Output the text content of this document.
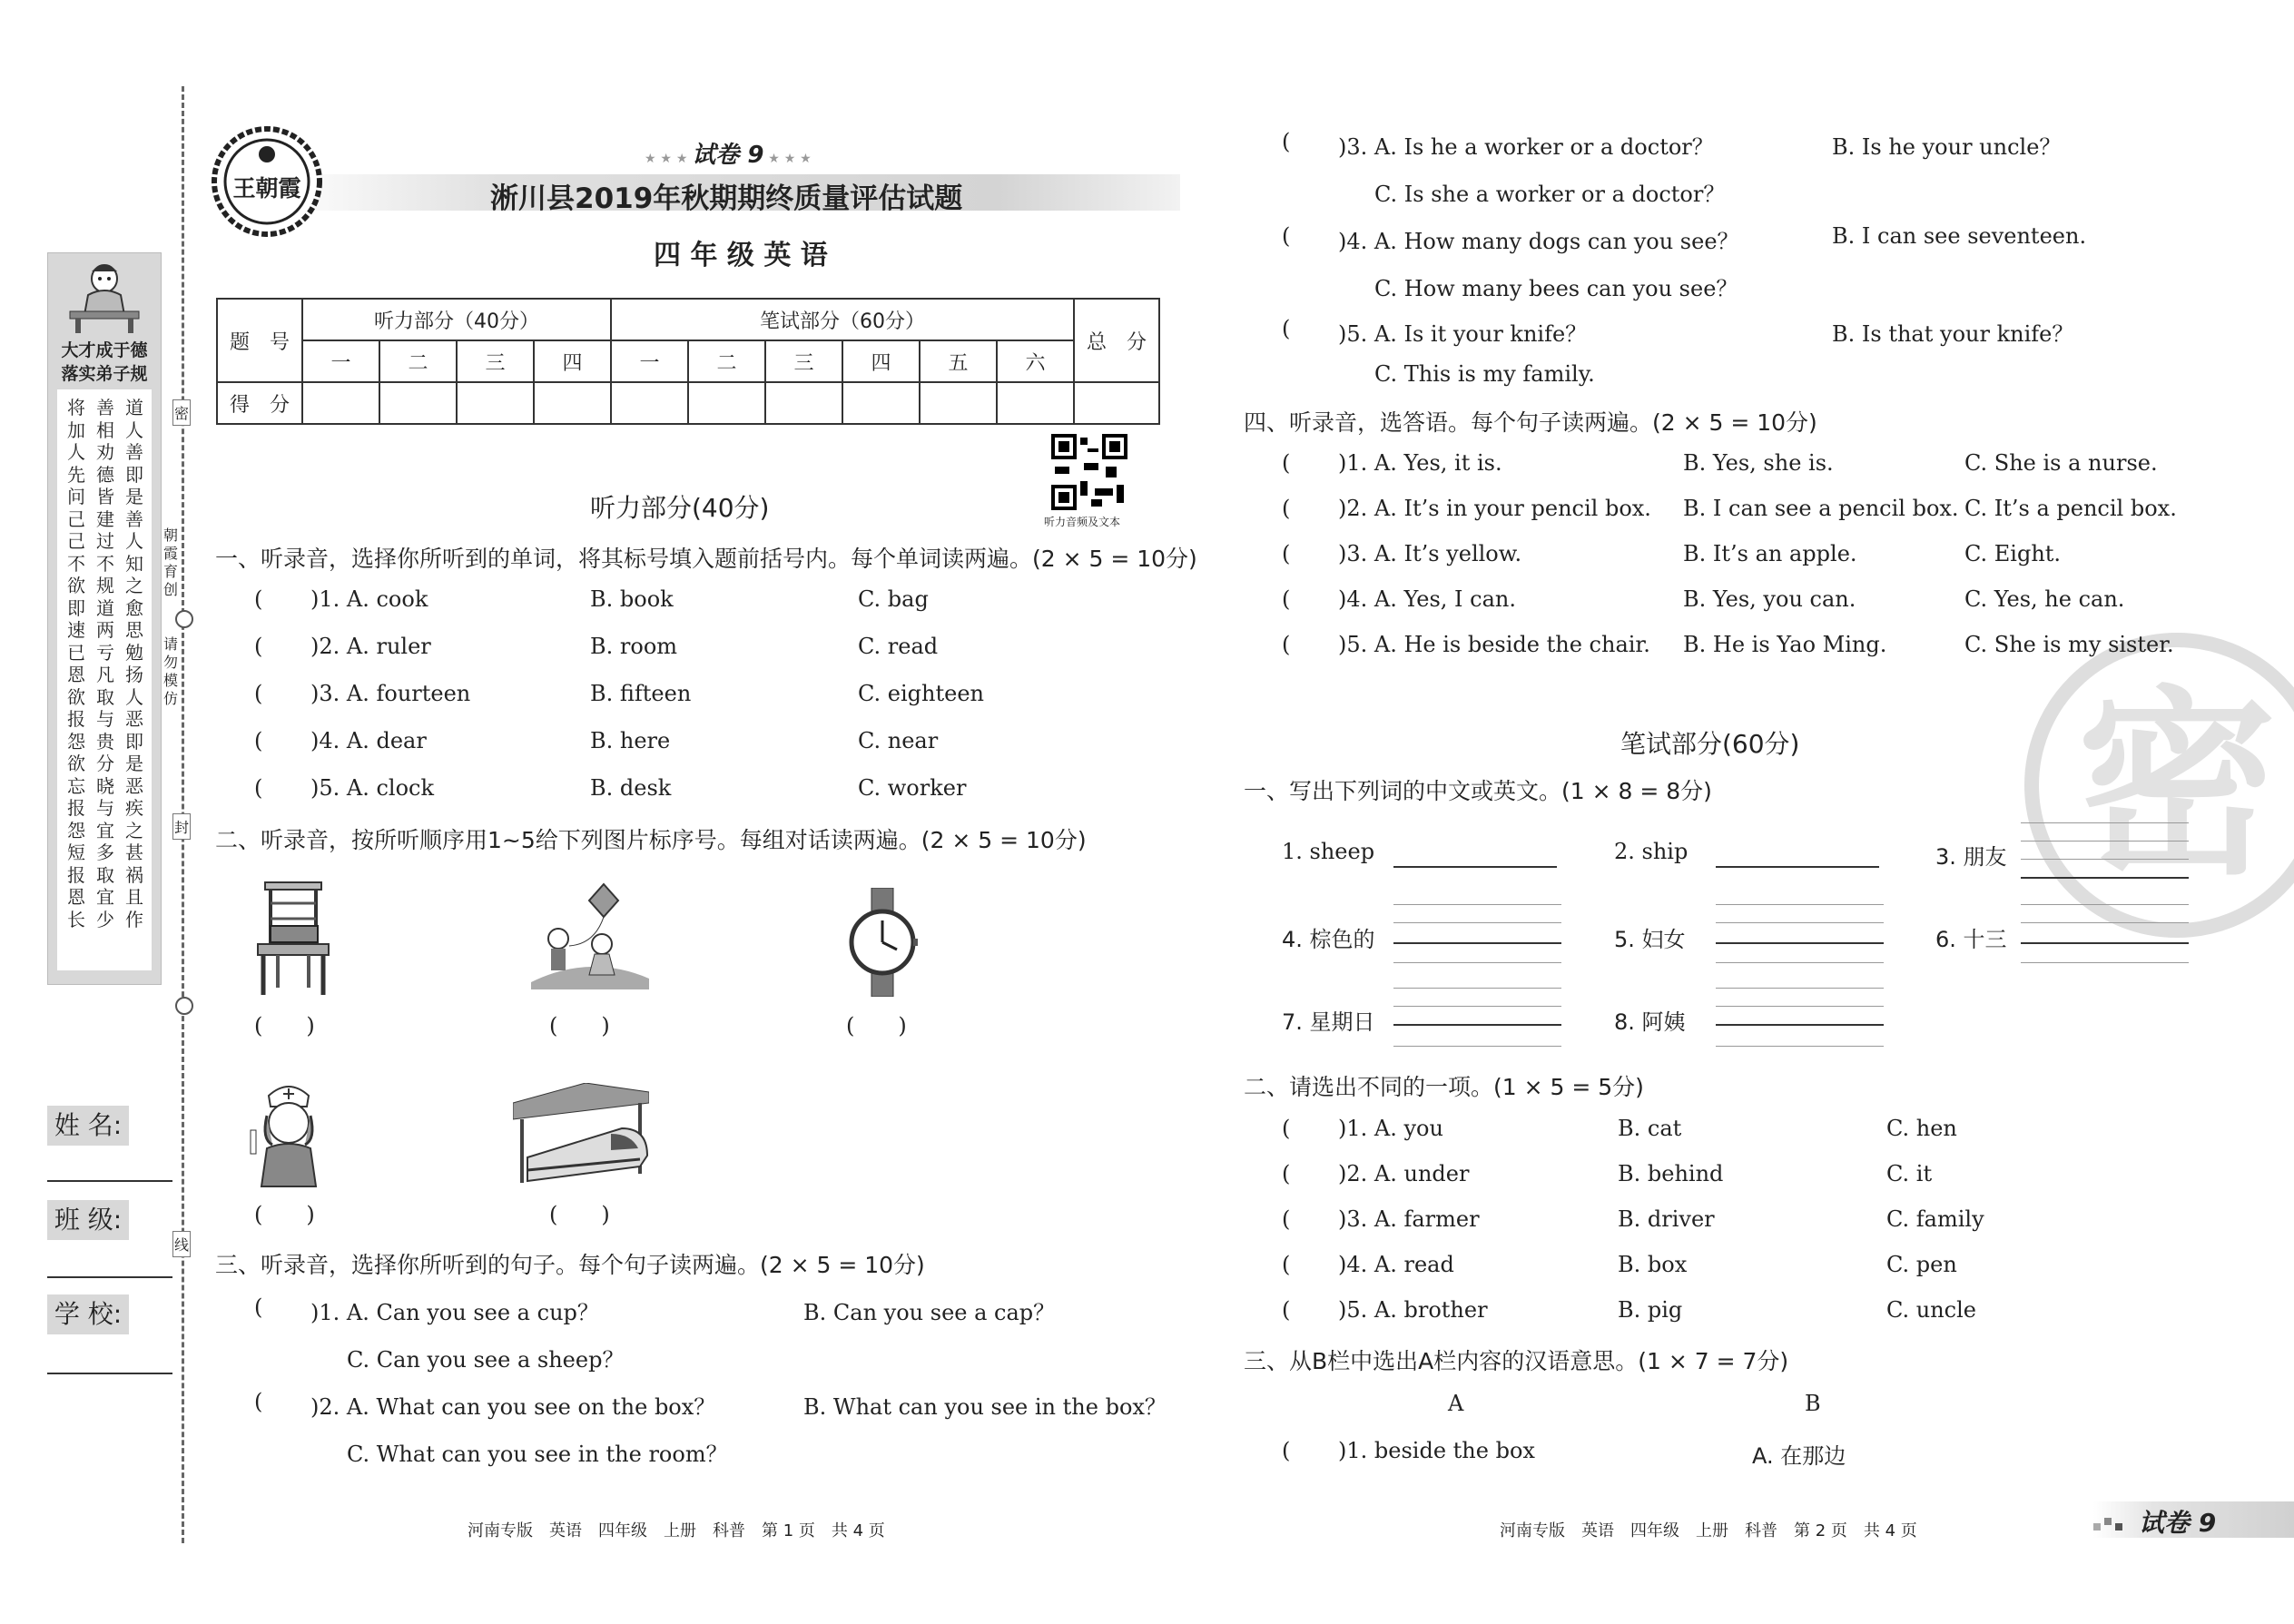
大才成于德
落实弟子规
将加人先问己己不欲即速已恩欲报怨欲忘报怨短报恩长
善相劝德皆建过不规道两亏凡取与贵分晓与宜多取宜少
道人善即是善人知之愈思勉扬人恶即是恶疾之甚祸且作
密
封
线
朝霞育创
请勿模仿
姓 名:
班 级:
学 校:
王朝霞
★ ★ ★ 试卷 9 ★ ★ ★
淅川县2019年秋期期终质量评估试题
四 年 级 英 语
题　号	听力部分（40分）				笔试部分（60分）						总　分
	一	二	三	四	一	二	三	四	五	六	
得　分											
听力音频及文本
听力部分(40分)
一、听录音，选择你所听到的单词，将其标号填入题前括号内。每个单词读两遍。(2 × 5 = 10分)
( )1. A. cook	B. book	C. bag
( )2. A. ruler	B. room	C. read
( )3. A. fourteen	B. fifteen	C. eighteen
( )4. A. dear	B. here	C. near
( )5. A. clock	B. desk	C. worker
二、听录音，按所听顺序用1~5给下列图片标序号。每组对话读两遍。(2 × 5 = 10分)
(　　)	(　　)	(　　)
(　　)	(　　)
三、听录音，选择你所听到的句子。每个句子读两遍。(2 × 5 = 10分)
( )1. A. Can you see a cup？	B. Can you see a cap？
C. Can you see a sheep？
( )2. A. What can you see on the box？	B. What can you see in the box？
C. What can you see in the room？
河南专版　英语　四年级　上册　科普　第 1 页　共 4 页
密
( )3. A. Is he a worker or a doctor？	B. Is he your uncle？
C. Is she a worker or a doctor？
( )4. A. How many dogs can you see？	B. I can see seventeen.
C. How many bees can you see？
( )5. A. Is it your knife？	B. Is that your knife？
C. This is my family.
四、听录音，选答语。每个句子读两遍。(2 × 5 = 10分)
( )1. A. Yes, it is.	B. Yes, she is.	C. She is a nurse.
( )2. A. It’s in your pencil box. B. I can see a pencil box. C. It’s a pencil box.
( )3. A. It’s yellow.	B. It’s an apple.	C. Eight.
( )4. A. Yes, I can.	B. Yes, you can.	C. Yes, he can.
( )5. A. He is beside the chair. B. He is Yao Ming.	C. She is my sister.
笔试部分(60分)
一、写出下列词的中文或英文。(1 × 8 = 8分)
1. sheep	2. ship	3. 朋友
4. 棕色的	5. 妇女	6. 十三
7. 星期日	8. 阿姨
二、请选出不同的一项。(1 × 5 = 5分)
( )1. A. you	B. cat	C. hen
( )2. A. under	B. behind	C. it
( )3. A. farmer	B. driver	C. family
( )4. A. read	B. box	C. pen
( )5. A. brother	B. pig	C. uncle
三、从B栏中选出A栏内容的汉语意思。(1 × 7 = 7分)
A	B
( )1. beside the box	A. 在那边
河南专版　英语　四年级　上册　科普　第 2 页　共 4 页	试卷 9
